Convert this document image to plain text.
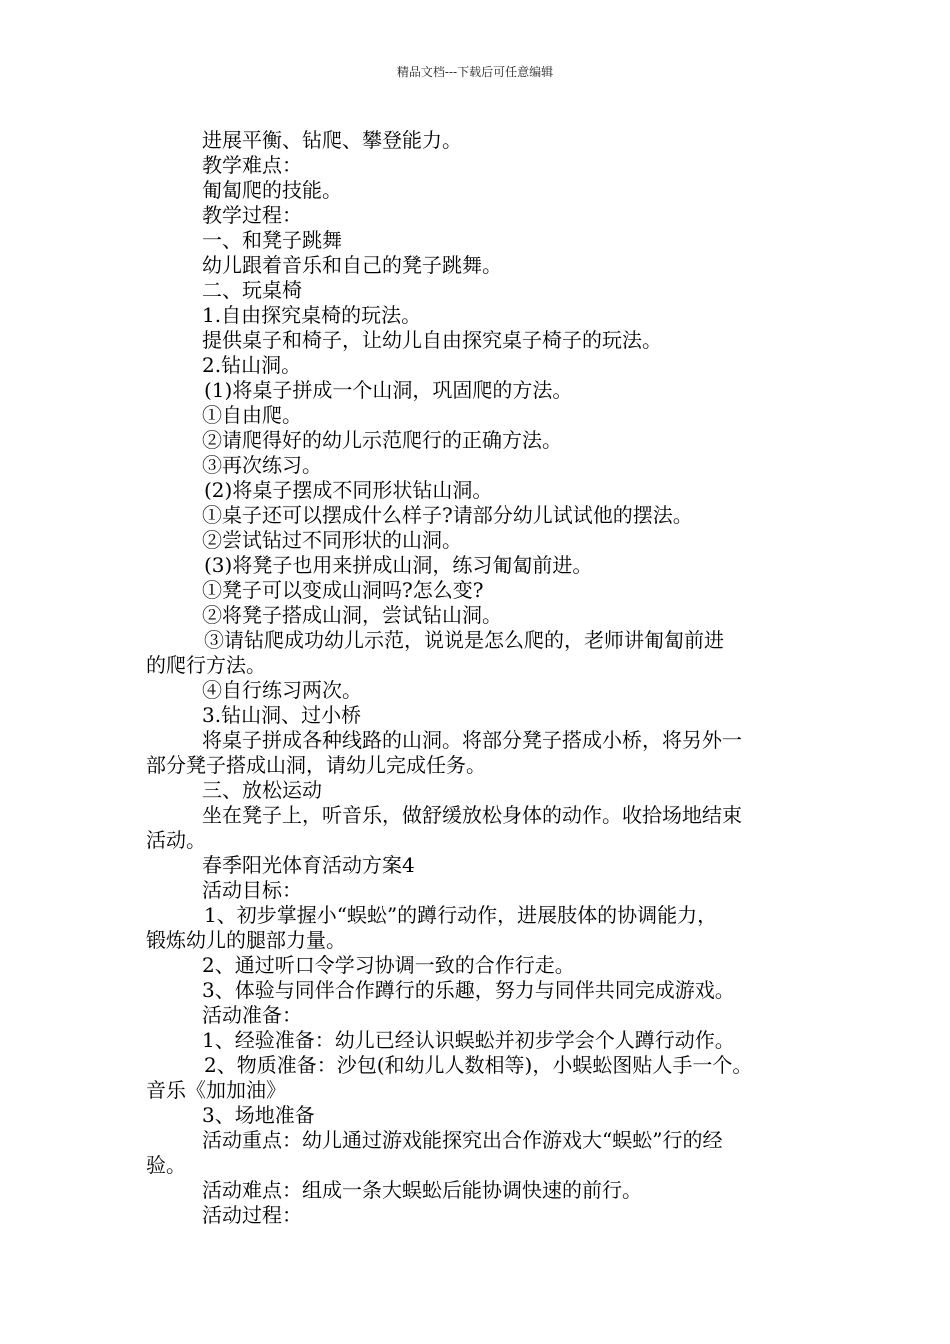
精品文档---下载后可任意编辑
进展平衡、钻爬、攀登能力。
教学难点：
匍匐爬的技能。
教学过程：
一、和凳子跳舞
幼儿跟着音乐和自己的凳子跳舞。
二、玩桌椅
1.自由探究桌椅的玩法。
提供桌子和椅子，让幼儿自由探究桌子椅子的玩法。
2.钻山洞。
(1)将桌子拼成一个山洞，巩固爬的方法。
①自由爬。
②请爬得好的幼儿示范爬行的正确方法。
③再次练习。
(2)将桌子摆成不同形状钻山洞。
①桌子还可以摆成什么样子?请部分幼儿试试他的摆法。
②尝试钻过不同形状的山洞。
(3)将凳子也用来拼成山洞，练习匍匐前进。
①凳子可以变成山洞吗?怎么变?
②将凳子搭成山洞，尝试钻山洞。
③请钻爬成功幼儿示范，说说是怎么爬的，老师讲匍匐前进
的爬行方法。
④自行练习两次。
3.钻山洞、过小桥
将桌子拼成各种线路的山洞。将部分凳子搭成小桥，将另外一
部分凳子搭成山洞，请幼儿完成任务。
三、放松运动
坐在凳子上，听音乐，做舒缓放松身体的动作。收拾场地结束
活动。
春季阳光体育活动方案4
活动目标：
1、初步掌握小“蜈蚣”的蹲行动作，进展肢体的协调能力，
锻炼幼儿的腿部力量。
2、通过听口令学习协调一致的合作行走。
3、体验与同伴合作蹲行的乐趣，努力与同伴共同完成游戏。
活动准备：
1、经验准备：幼儿已经认识蜈蚣并初步学会个人蹲行动作。
2、物质准备：沙包(和幼儿人数相等)，小蜈蚣图贴人手一个。
音乐《加加油》
3、场地准备
活动重点：幼儿通过游戏能探究出合作游戏大“蜈蚣”行的经
验。
活动难点：组成一条大蜈蚣后能协调快速的前行。
活动过程：
